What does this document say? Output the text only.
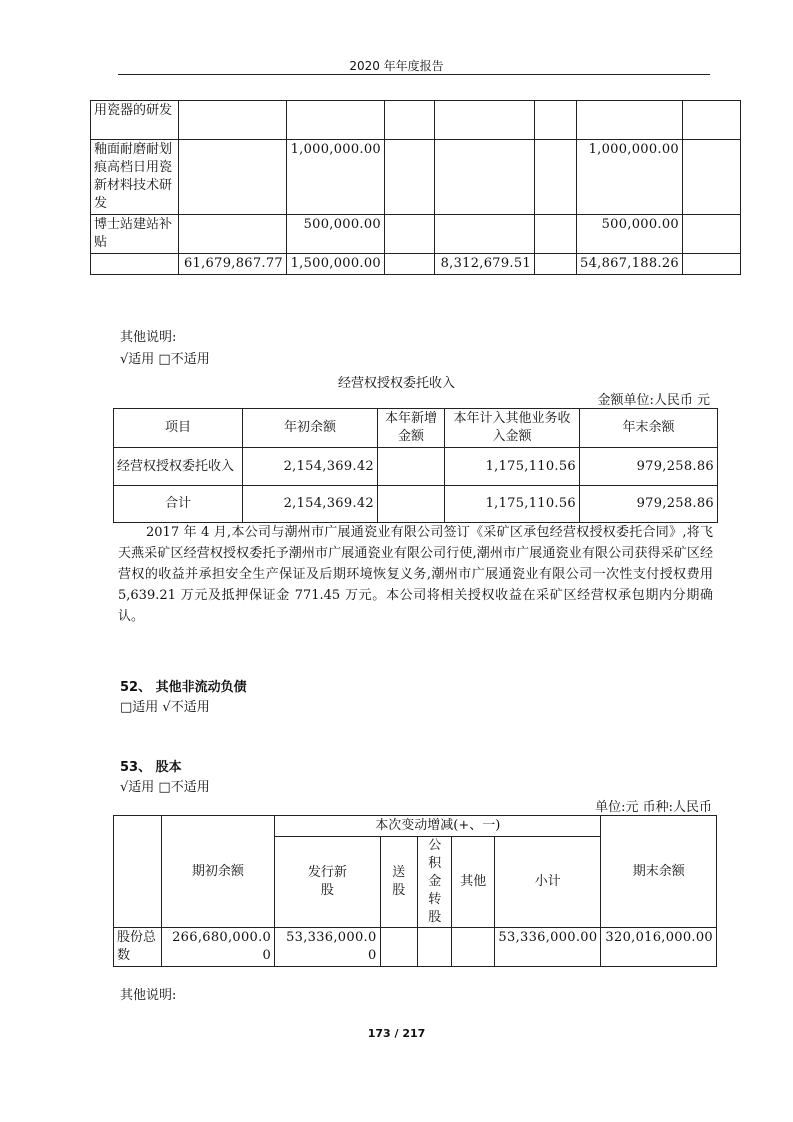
2020 年年度报告
用瓷器的研发							
釉面耐磨耐划痕高档日用瓷新材料技术研发		1,000,000.00				1,000,000.00	
博士站建站补贴		500,000.00				500,000.00	
	61,679,867.77	1,500,000.00		8,312,679.51		54,867,188.26	
其他说明:
√适用 □不适用
经营权授权委托收入
金额单位:人民币 元
项目	年初余额	本年新增金额	本年计入其他业务收入金额	年末余额
经营权授权委托收入	2,154,369.42		1,175,110.56	979,258.86
合计	2,154,369.42		1,175,110.56	979,258.86
2017 年 4 月,本公司与潮州市广展通瓷业有限公司签订《采矿区承包经营权授权委托合同》,将飞天燕采矿区经营权授权委托予潮州市广展通瓷业有限公司行使,潮州市广展通瓷业有限公司获得采矿区经营权的收益并承担安全生产保证及后期环境恢复义务,潮州市广展通瓷业有限公司一次性支付授权费用 5,639.21 万元及抵押保证金 771.45 万元。本公司将相关授权收益在采矿区经营权承包期内分期确认。
52、 其他非流动负债
□适用 √不适用
53、 股本
√适用 □不适用
单位:元 币种:人民币
	期初余额	本次变动增减(+、一)					期末余额
		发行新股	送股	公积金转股	其他	小计	
股份总数	266,680,000.00	53,336,000.00				53,336,000.00	320,016,000.00
其他说明:
173 / 217
